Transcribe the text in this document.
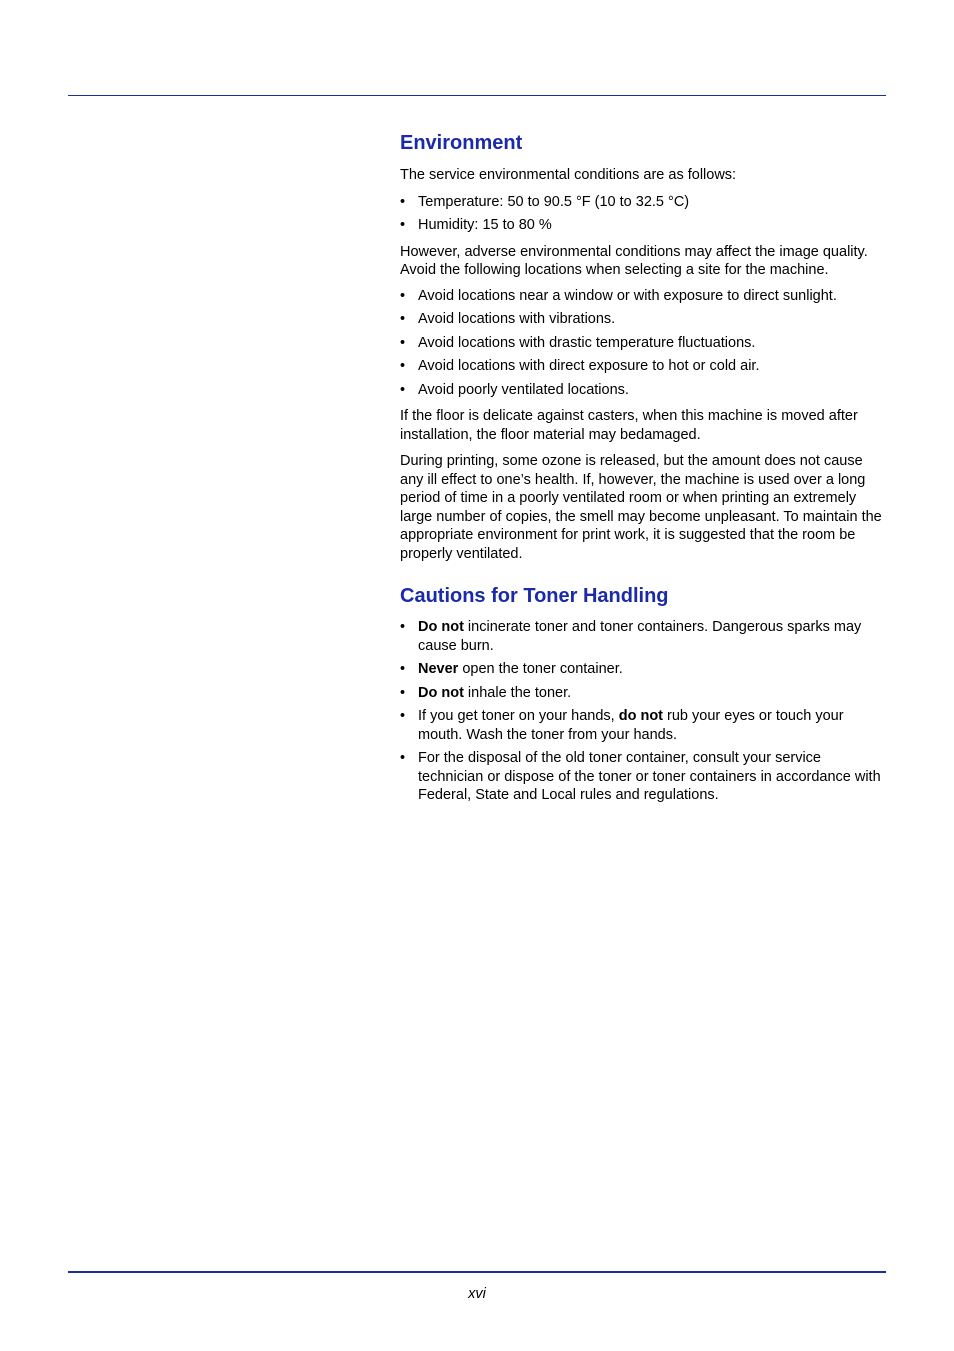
Environment

The service environmental conditions are as follows:

• Temperature: 50 to 90.5 °F (10 to 32.5 °C)
• Humidity: 15 to 80 %

However, adverse environmental conditions may affect the image quality. Avoid the following locations when selecting a site for the machine.

• Avoid locations near a window or with exposure to direct sunlight.
• Avoid locations with vibrations.
• Avoid locations with drastic temperature fluctuations.
• Avoid locations with direct exposure to hot or cold air.
• Avoid poorly ventilated locations.

If the floor is delicate against casters, when this machine is moved after installation, the floor material may bedamaged.

During printing, some ozone is released, but the amount does not cause any ill effect to one’s health. If, however, the machine is used over a long period of time in a poorly ventilated room or when printing an extremely large number of copies, the smell may become unpleasant. To maintain the appropriate environment for print work, it is suggested that the room be properly ventilated.

Cautions for Toner Handling
• Do not incinerate toner and toner containers. Dangerous sparks may cause burn.
• Never open the toner container.
• Do not inhale the toner.
• If you get toner on your hands, do not rub your eyes or touch your mouth. Wash the toner from your hands.
• For the disposal of the old toner container, consult your service technician or dispose of the toner or toner containers in accordance with Federal, State and Local rules and regulations.
xvi
